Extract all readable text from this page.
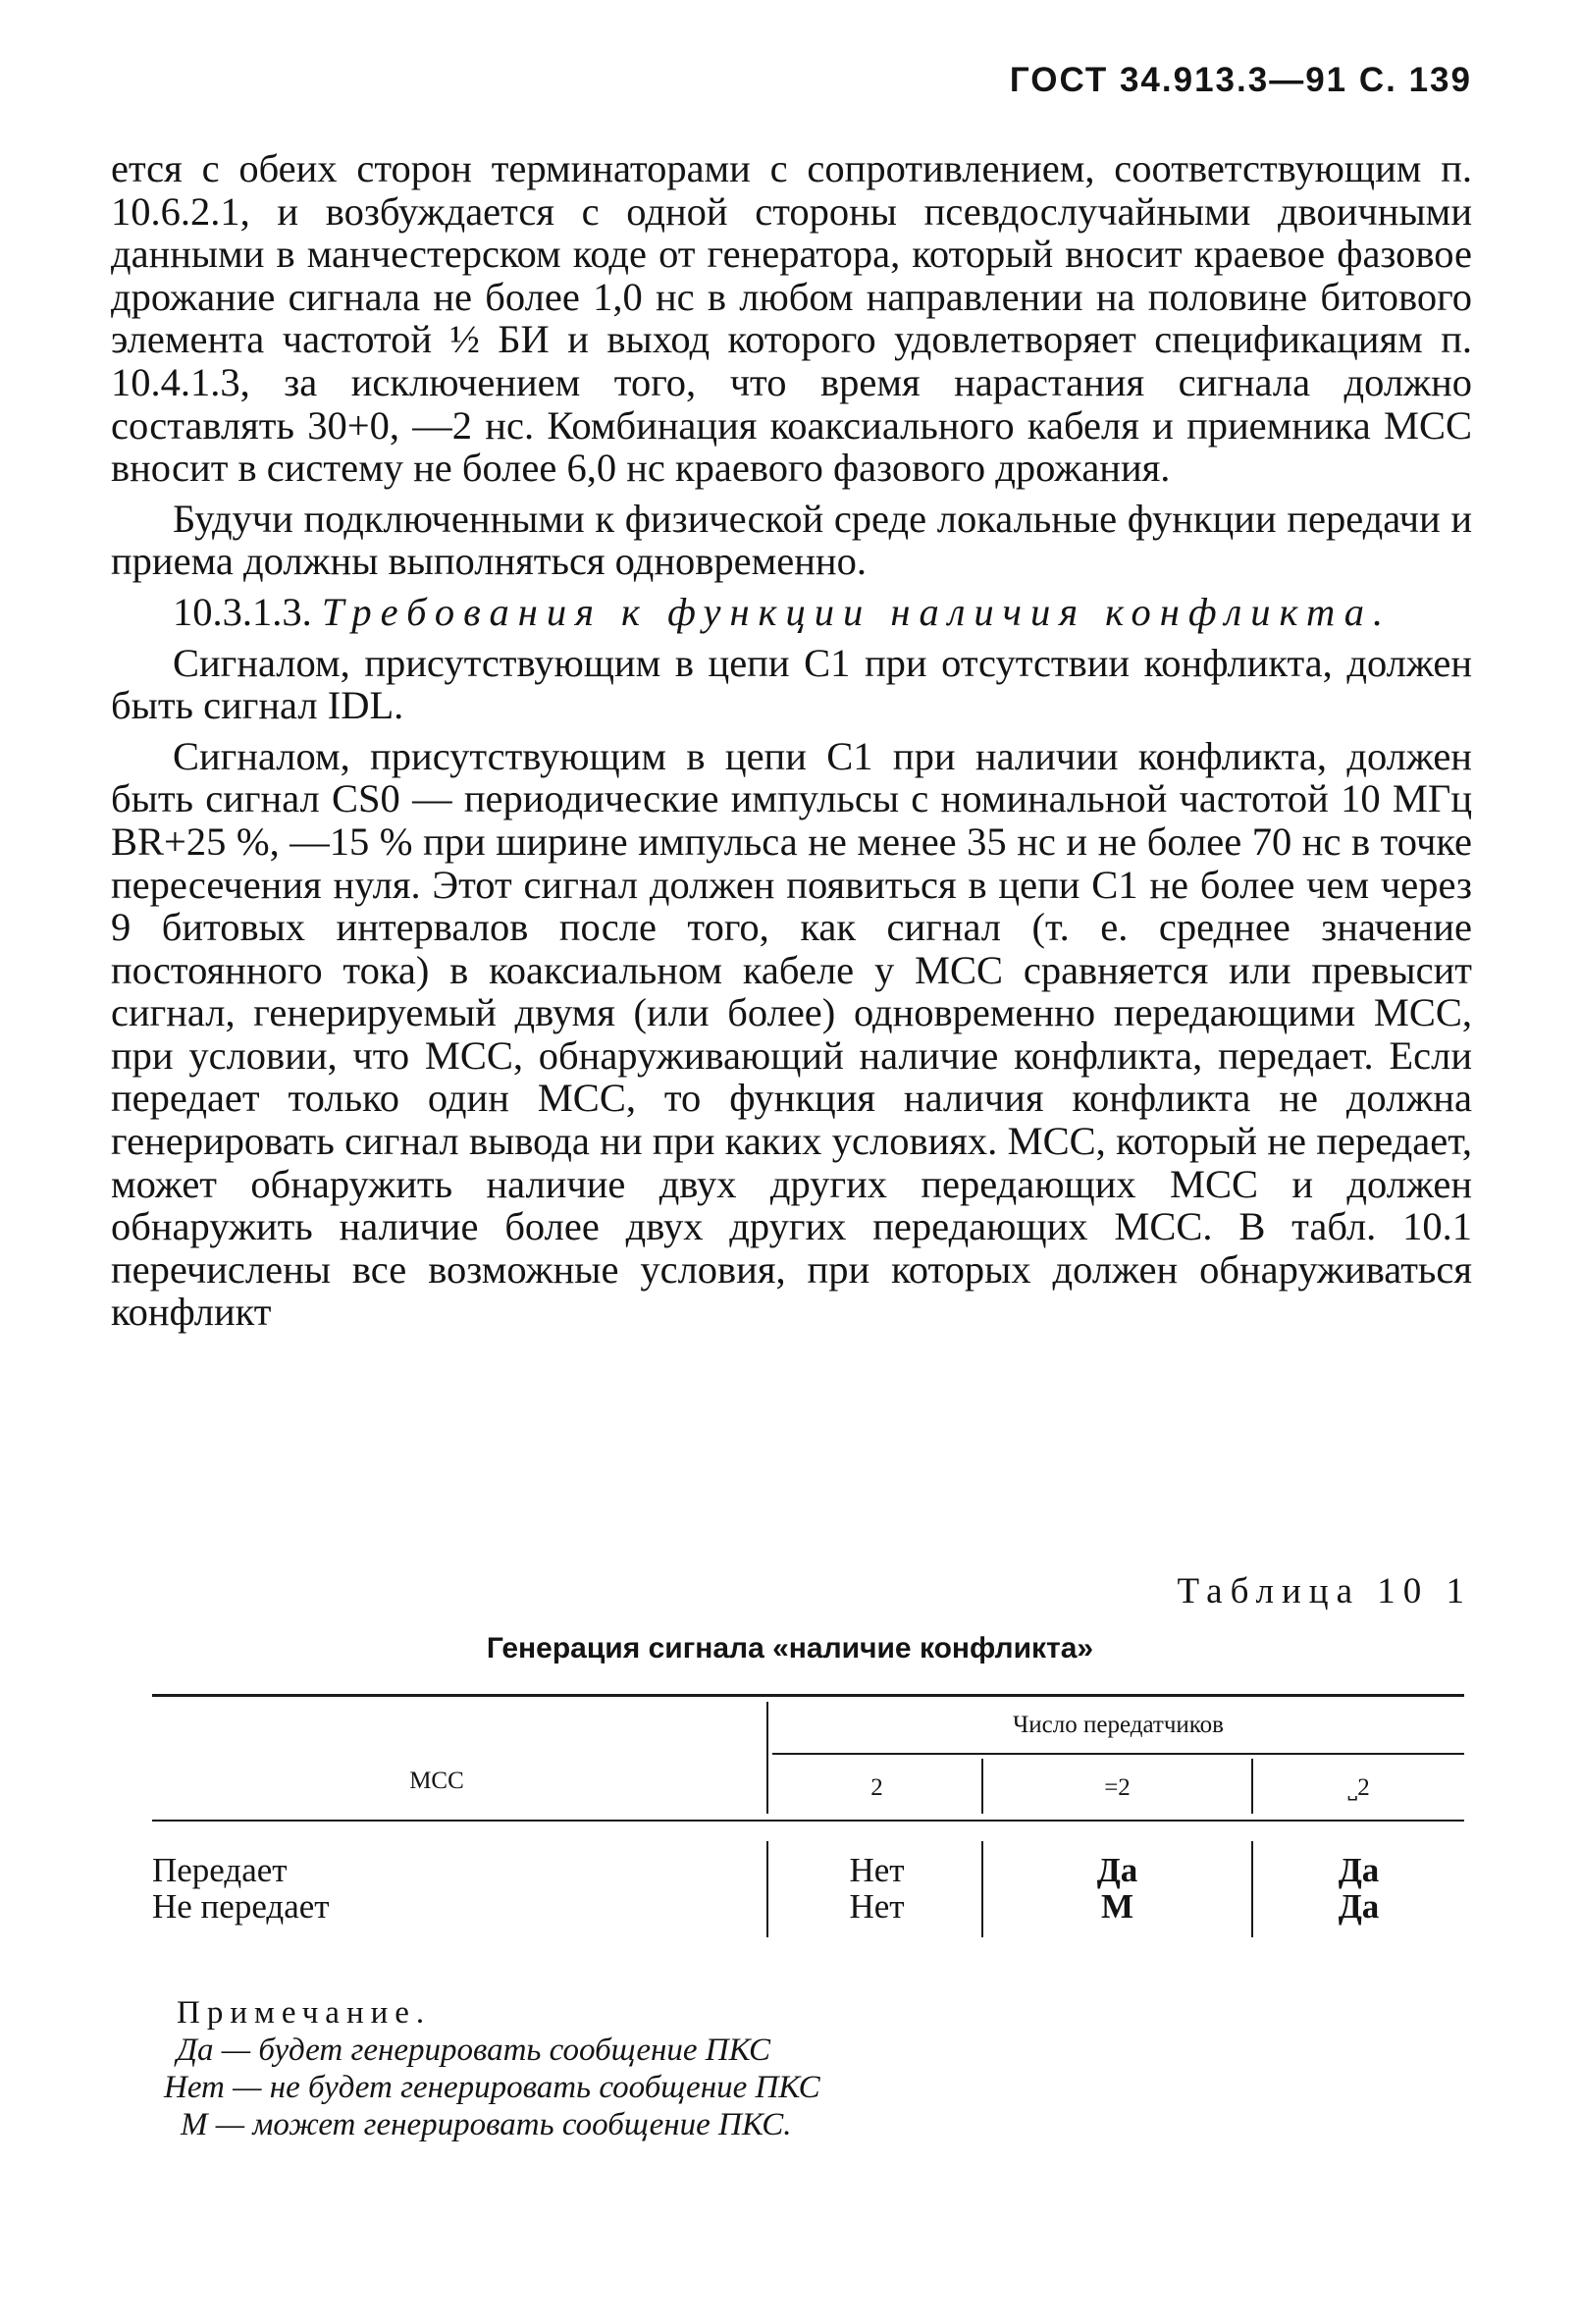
ГОСТ 34.913.3—91 С. 139

ется с обеих сторон терминаторами с сопротивлением, соответствующим п. 10.6.2.1, и возбуждается с одной стороны псевдослучайными двоичными данными в манчестерском коде от генератора, который вносит краевое фазовое дрожание сигнала не более 1,0 нс в любом направлении на половине битового элемента частотой ½ БИ и выход которого удовлетворяет спецификациям п. 10.4.1.3, за исключением того, что время нарастания сигнала должно составлять 30+0, —2 нс. Комбинация коаксиального кабеля и приемника МСС вносит в систему не более 6,0 нс краевого фазового дрожания.

Будучи подключенными к физической среде локальные функции передачи и приема должны выполняться одновременно.

10.3.1.3. Требования к функции наличия конфликта.

Сигналом, присутствующим в цепи С1 при отсутствии конфликта, должен быть сигнал IDL.

Сигналом, присутствующим в цепи С1 при наличии конфликта, должен быть сигнал CS0 — периодические импульсы с номинальной частотой 10 МГц BR+25 %, —15 % при ширине импульса не менее 35 нс и не более 70 нс в точке пересечения нуля. Этот сигнал должен появиться в цепи С1 не более чем через 9 битовых интервалов после того, как сигнал (т. е. среднее значение постоянного тока) в коаксиальном кабеле у МСС сравняется или превысит сигнал, генерируемый двумя (или более) одновременно передающими МСС, при условии, что МСС, обнаруживающий наличие конфликта, передает. Если передает только один МСС, то функция наличия конфликта не должна генерировать сигнал вывода ни при каких условиях. МСС, который не передает, может обнаружить наличие двух других передающих МСС и должен обнаружить наличие более двух других передающих МСС. В табл. 10.1 перечислены все возможные условия, при которых должен обнаруживаться конфликт

Таблица 10 1
Генерация сигнала «наличие конфликта»
МСС
Число передатчиков
2	=2	˽2
Передает	Нет	Да	Да
Не передает	Нет	М	Да
Примечание.
Да — будет генерировать сообщение ПКС
Нет — не будет генерировать сообщение ПКС
М — может генерировать сообщение ПКС.
